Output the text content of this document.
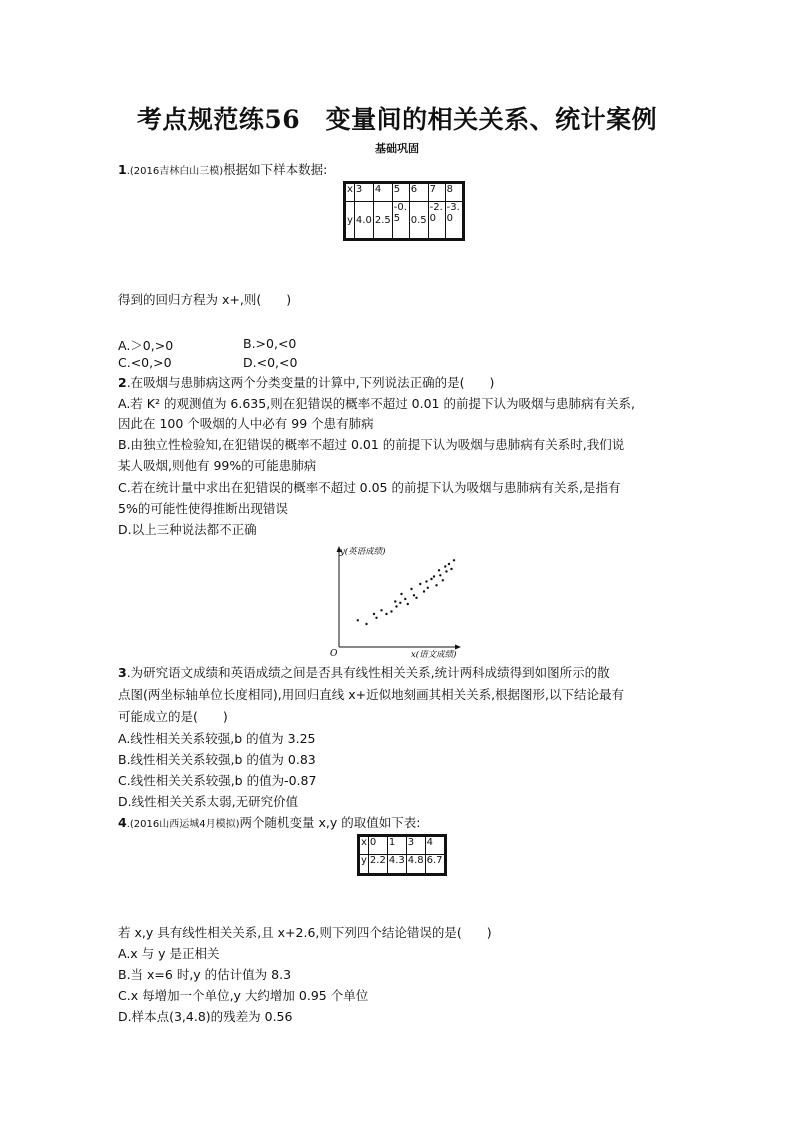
考点规范练56　变量间的相关关系、统计案例
基础巩固
1.(2016吉林白山三模)根据如下样本数据:
x	3	4	5	6	7	8
y	4.0	2.5	-0.5	0.5	-2.0	-3.0
得到的回归方程为 x+,则(　　)
A.＞0,>0	B.>0,<0
C.<0,>0	D.<0,<0
2.在吸烟与患肺病这两个分类变量的计算中,下列说法正确的是(　　)
A.若 K² 的观测值为 6.635,则在犯错误的概率不超过 0.01 的前提下认为吸烟与患肺病有关系,
因此在 100 个吸烟的人中必有 99 个患有肺病
B.由独立性检验知,在犯错误的概率不超过 0.01 的前提下认为吸烟与患肺病有关系时,我们说
某人吸烟,则他有 99%的可能患肺病
C.若在统计量中求出在犯错误的概率不超过 0.05 的前提下认为吸烟与患肺病有关系,是指有
5%的可能性使得推断出现错误
D.以上三种说法都不正确
y(英语成绩)
x(语文成绩)
O
3.为研究语文成绩和英语成绩之间是否具有线性相关关系,统计两科成绩得到如图所示的散
点图(两坐标轴单位长度相同),用回归直线 x+近似地刻画其相关关系,根据图形,以下结论最有
可能成立的是(　　)
A.线性相关关系较强,b 的值为 3.25
B.线性相关关系较强,b 的值为 0.83
C.线性相关关系较强,b 的值为-0.87
D.线性相关关系太弱,无研究价值
4.(2016山西运城4月模拟)两个随机变量 x,y 的取值如下表:
x	0	1	3	4
y	2.2	4.3	4.8	6.7
若 x,y 具有线性相关关系,且 x+2.6,则下列四个结论错误的是(　　)
A.x 与 y 是正相关
B.当 x=6 时,y 的估计值为 8.3
C.x 每增加一个单位,y 大约增加 0.95 个单位
D.样本点(3,4.8)的残差为 0.56
